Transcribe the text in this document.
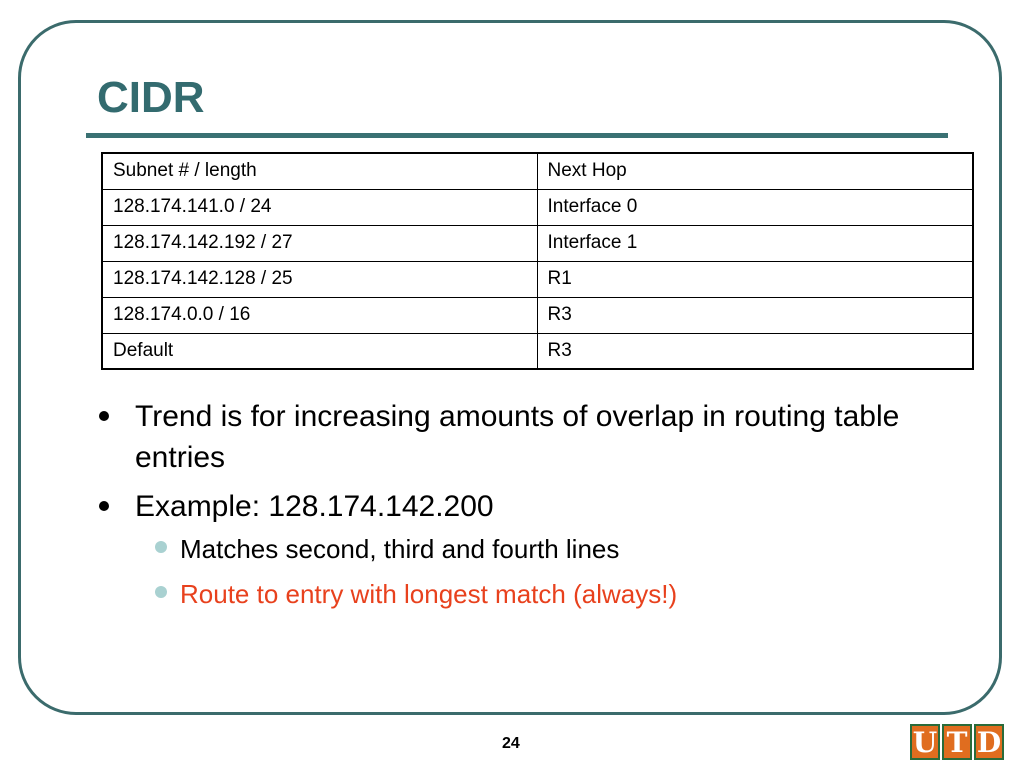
CIDR
Subnet # / length	Next Hop
128.174.141.0 / 24	Interface 0
128.174.142.192 / 27	Interface 1
128.174.142.128 / 25	R1
128.174.0.0 / 16	R3
Default	R3
Trend is for increasing amounts of overlap in routing table entries
Example: 128.174.142.200
Matches second, third and fourth lines
Route to entry with longest match (always!)
24	U T D
